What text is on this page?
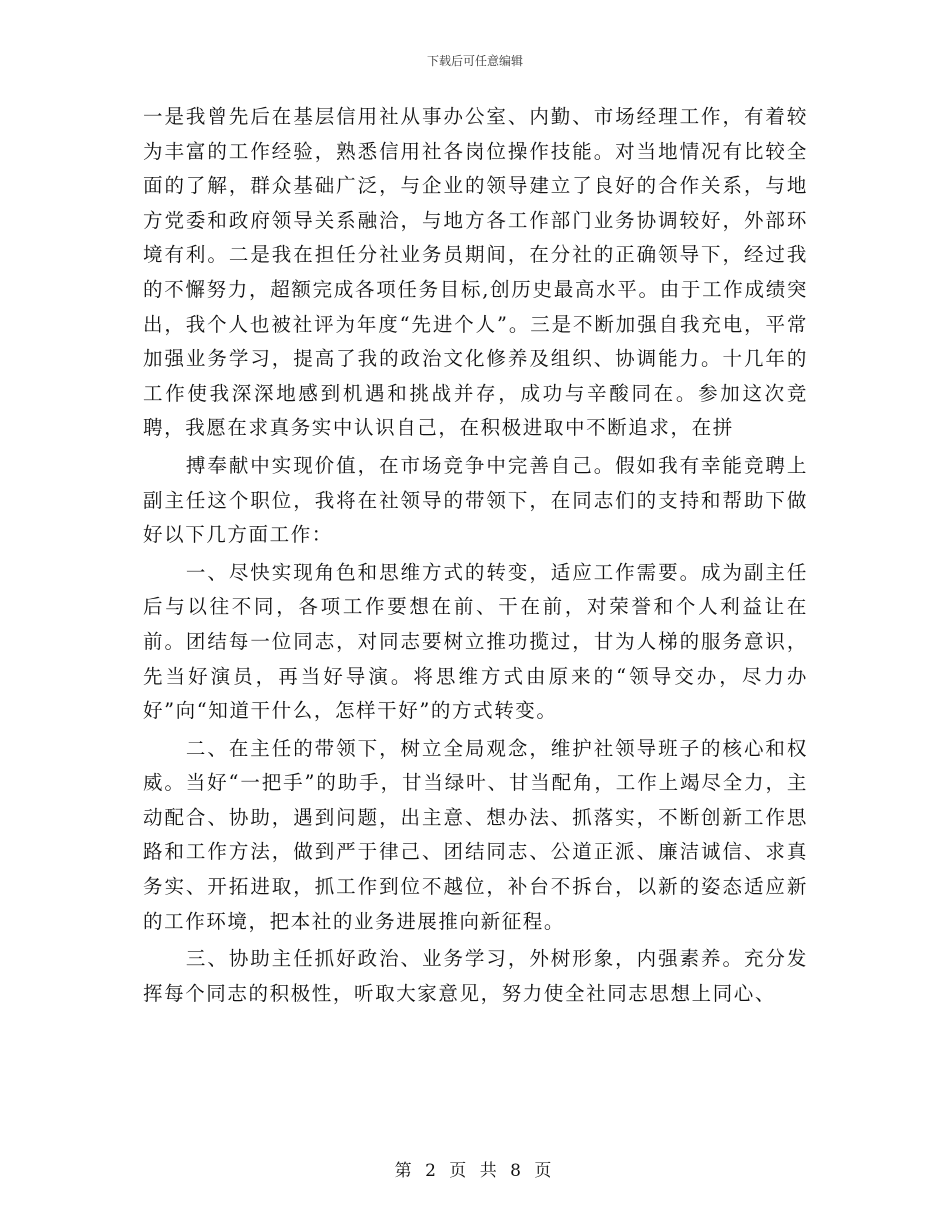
下载后可任意编辑

一是我曾先后在基层信用社从事办公室、内勤、市场经理工作，有着较为丰富的工作经验，熟悉信用社各岗位操作技能。对当地情况有比较全面的了解，群众基础广泛，与企业的领导建立了良好的合作关系，与地方党委和政府领导关系融洽，与地方各工作部门业务协调较好，外部环境有利。二是我在担任分社业务员期间，在分社的正确领导下，经过我的不懈努力，超额完成各项任务目标,创历史最高水平。由于工作成绩突出，我个人也被社评为年度“先进个人”。三是不断加强自我充电，平常加强业务学习，提高了我的政治文化修养及组织、协调能力。十几年的工作使我深深地感到机遇和挑战并存，成功与辛酸同在。参加这次竞聘，我愿在求真务实中认识自己，在积极进取中不断追求，在拼

搏奉献中实现价值，在市场竞争中完善自己。假如我有幸能竞聘上副主任这个职位，我将在社领导的带领下，在同志们的支持和帮助下做好以下几方面工作：

一、尽快实现角色和思维方式的转变，适应工作需要。成为副主任后与以往不同，各项工作要想在前、干在前，对荣誉和个人利益让在前。团结每一位同志，对同志要树立推功揽过，甘为人梯的服务意识，先当好演员，再当好导演。将思维方式由原来的“领导交办，尽力办好”向“知道干什么，怎样干好”的方式转变。

二、在主任的带领下，树立全局观念，维护社领导班子的核心和权威。当好“一把手”的助手，甘当绿叶、甘当配角，工作上竭尽全力，主动配合、协助，遇到问题，出主意、想办法、抓落实，不断创新工作思路和工作方法，做到严于律己、团结同志、公道正派、廉洁诚信、求真务实、开拓进取，抓工作到位不越位，补台不拆台，以新的姿态适应新的工作环境，把本社的业务进展推向新征程。

三、协助主任抓好政治、业务学习，外树形象，内强素养。充分发挥每个同志的积极性，听取大家意见，努力使全社同志思想上同心、

第 2 页 共 8 页
